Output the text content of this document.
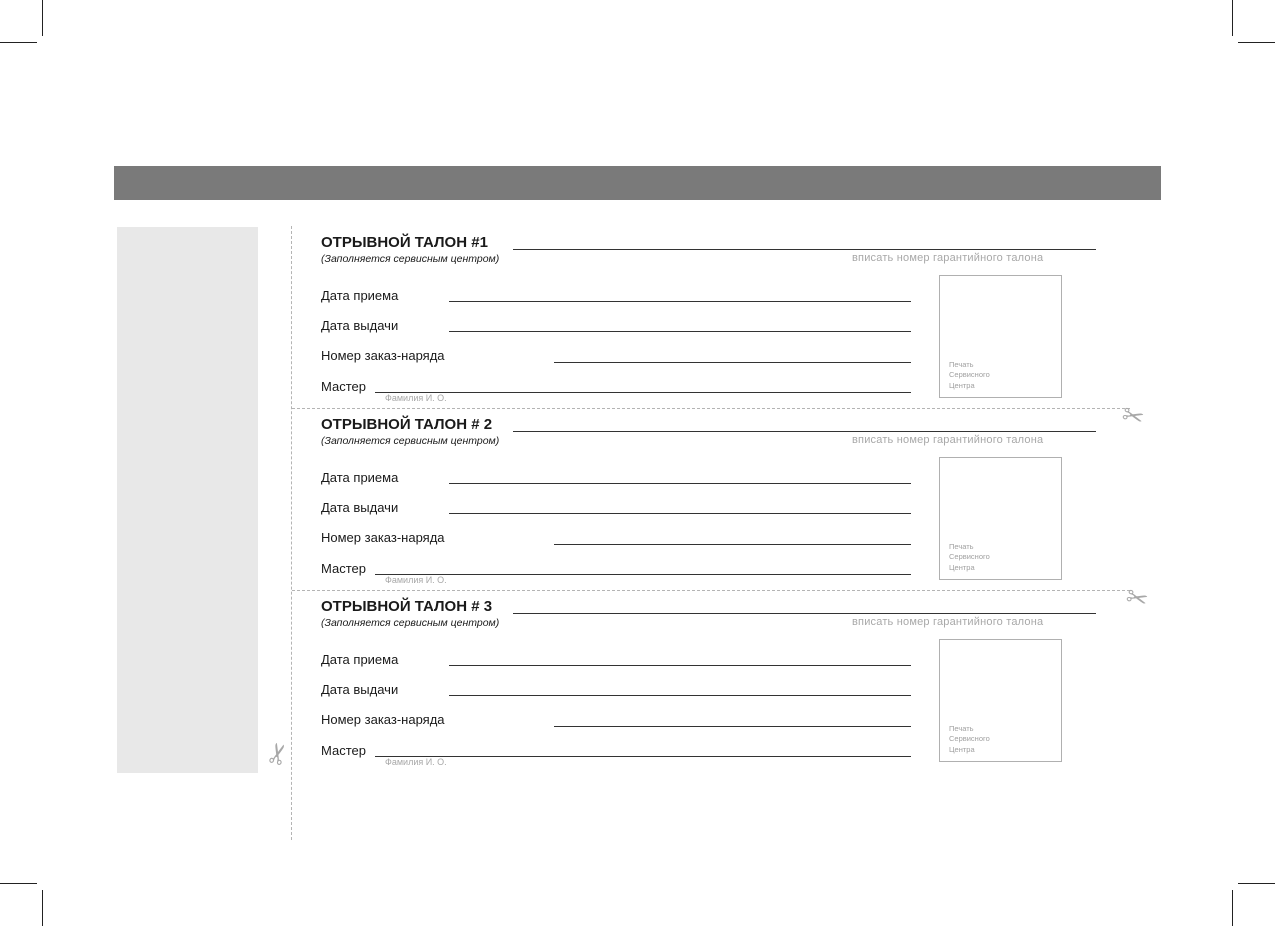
✂
✂
✂
ОТРЫВНОЙ ТАЛОН #1
(Заполняется сервисным центром)	вписать номер гарантийного талона
Дата приема
Дата выдачи
Номер заказ-наряда
Мастер
Фамилия И. О.
Печать
Сервисного
Центра
ОТРЫВНОЙ ТАЛОН # 2
(Заполняется сервисным центром)	вписать номер гарантийного талона
Дата приема
Дата выдачи
Номер заказ-наряда
Мастер
Фамилия И. О.
Печать
Сервисного
Центра
ОТРЫВНОЙ ТАЛОН # 3
(Заполняется сервисным центром)	вписать номер гарантийного талона
Дата приема
Дата выдачи
Номер заказ-наряда
Мастер
Фамилия И. О.
Печать
Сервисного
Центра
